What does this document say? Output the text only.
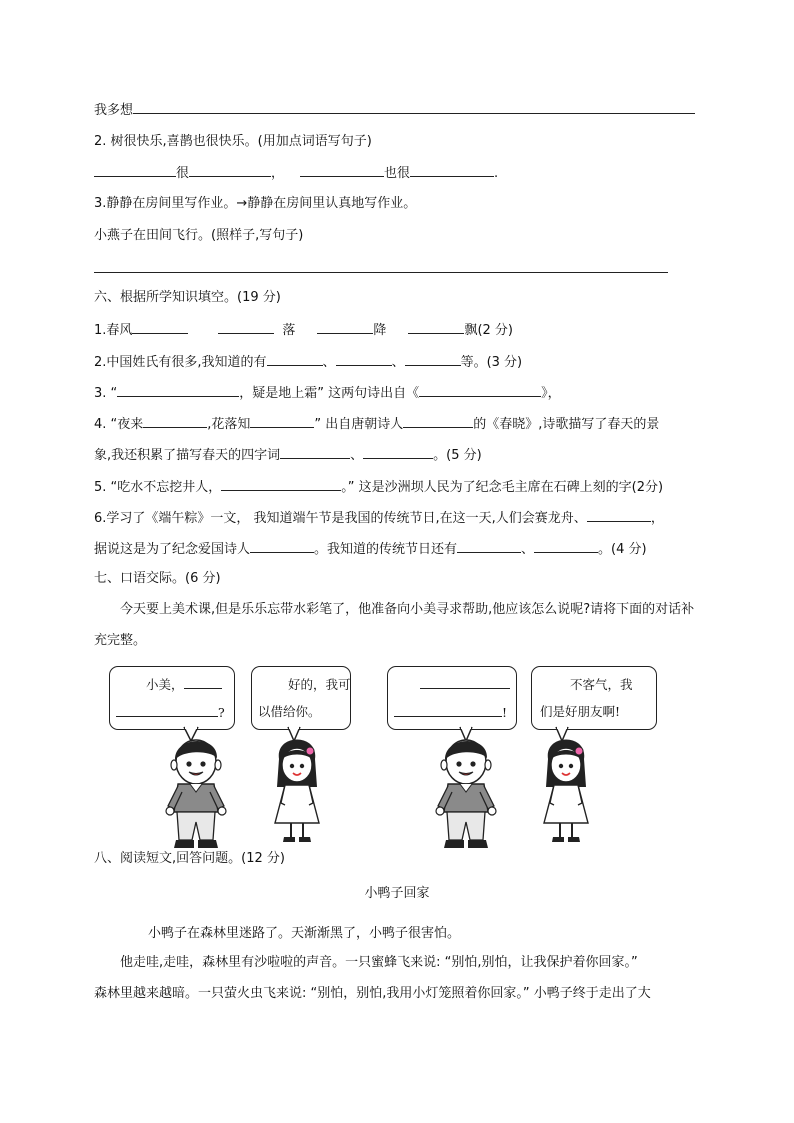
我多想
2. 树很快乐,喜鹊也很快乐。(用加点词语写句子)
很	，	也很	.
3.静静在房间里写作业。→静静在房间里认真地写作业。
小燕子在田间飞行。(照样子,写句子)
六、根据所学知识填空。(19 分)
1.春风	落	降	飘(2 分)
2.中国姓氏有很多,我知道的有	、	、	等。(3 分)
3. “	，疑是地上霜” 这两句诗出自《	》，
4. “夜来	,花落知	” 出自唐朝诗人	的《春晓》,诗歌描写了春天的景
象,我还积累了描写春天的四字词	、	。(5 分)
5. “吃水不忘挖井人，	。” 这是沙洲坝人民为了纪念毛主席在石碑上刻的字(2分)
6.学习了《端午粽》一文， 我知道端午节是我国的传统节日,在这一天,人们会赛龙舟、	，
据说这是为了纪念爱国诗人	。我知道的传统节日还有	、	。(4 分)
七、口语交际。(6 分)
今天要上美术课,但是乐乐忘带水彩笔了，他准备向小美寻求帮助,他应该怎么说呢?请将下面的对话补充完整。
小美，
?
好的，我可
以借给你。	!
不客气，我
们是好朋友啊!
八、阅读短文,回答问题。(12 分)
小鸭子回家
小鸭子在森林里迷路了。天渐渐黑了，小鸭子很害怕。
他走哇,走哇，森林里有沙啦啦的声音。一只蜜蜂飞来说: “别怕,别怕，让我保护着你回家。”
森林里越来越暗。一只萤火虫飞来说: “别怕，别怕,我用小灯笼照着你回家。” 小鸭子终于走出了大
